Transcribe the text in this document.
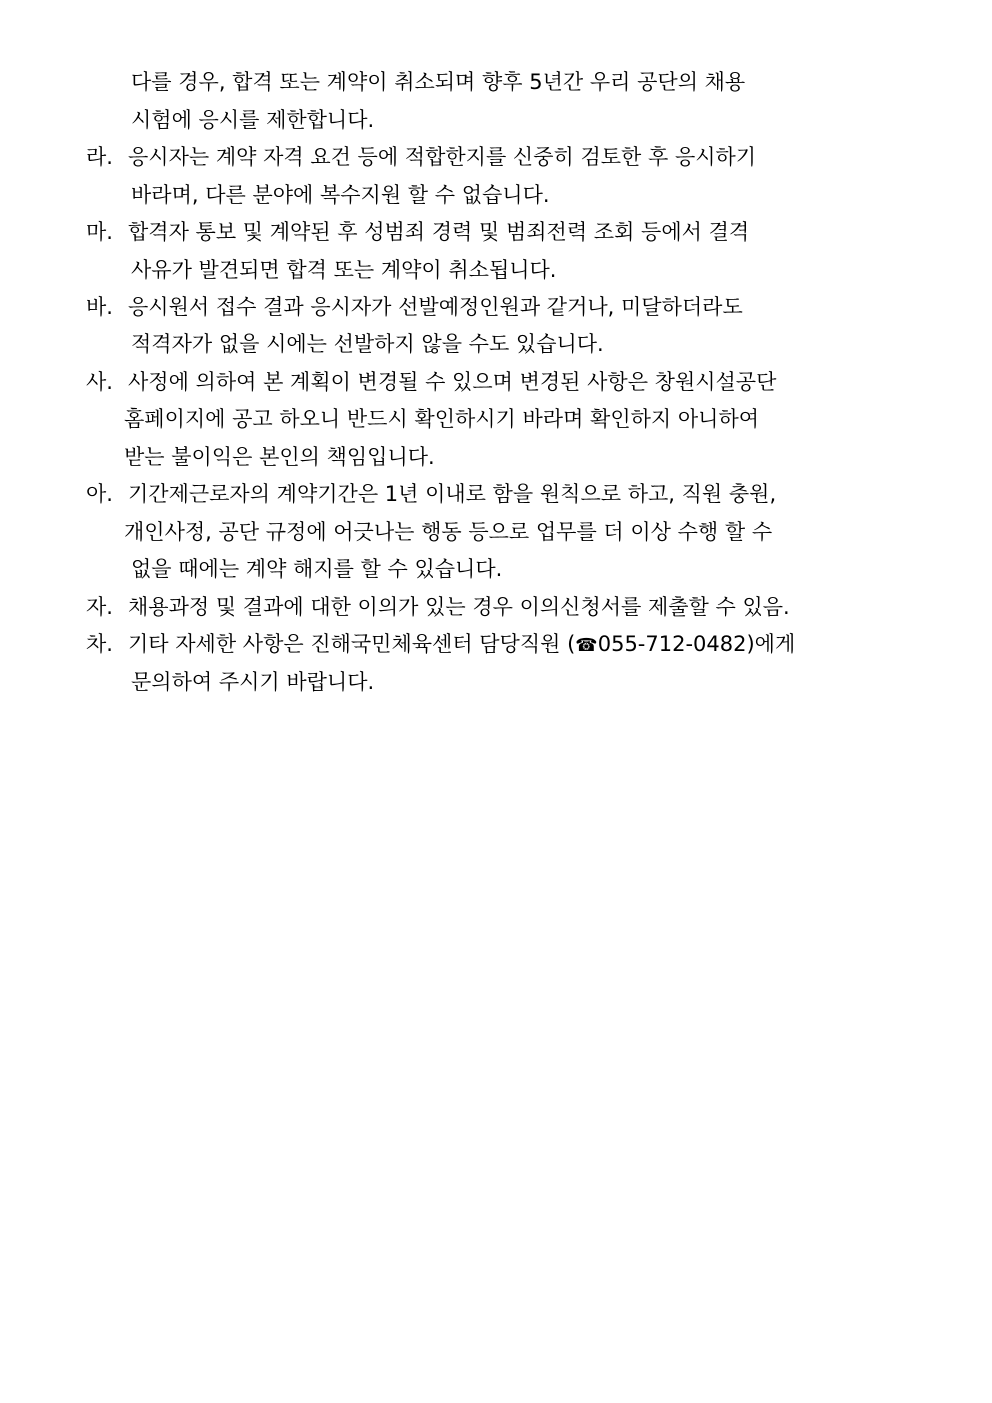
다를 경우, 합격 또는 계약이 취소되며 향후 5년간 우리 공단의 채용
시험에 응시를 제한합니다.
라. 응시자는 계약 자격 요건 등에 적합한지를 신중히 검토한 후 응시하기
바라며, 다른 분야에 복수지원 할 수 없습니다.
마. 합격자 통보 및 계약된 후 성범죄 경력 및 범죄전력 조회 등에서 결격
사유가 발견되면 합격 또는 계약이 취소됩니다.
바. 응시원서 접수 결과 응시자가 선발예정인원과 같거나, 미달하더라도
적격자가 없을 시에는 선발하지 않을 수도 있습니다.
사. 사정에 의하여 본 계획이 변경될 수 있으며 변경된 사항은 창원시설공단
홈페이지에 공고 하오니 반드시 확인하시기 바라며 확인하지 아니하여
받는 불이익은 본인의 책임입니다.
아. 기간제근로자의 계약기간은 1년 이내로 함을 원칙으로 하고, 직원 충원,
개인사정, 공단 규정에 어긋나는 행동 등으로 업무를 더 이상 수행 할 수
없을 때에는 계약 해지를 할 수 있습니다.
자. 채용과정 및 결과에 대한 이의가 있는 경우 이의신청서를 제출할 수 있음.
차. 기타 자세한 사항은 진해국민체육센터 담당직원 (☎055-712-0482)에게
문의하여 주시기 바랍니다.
